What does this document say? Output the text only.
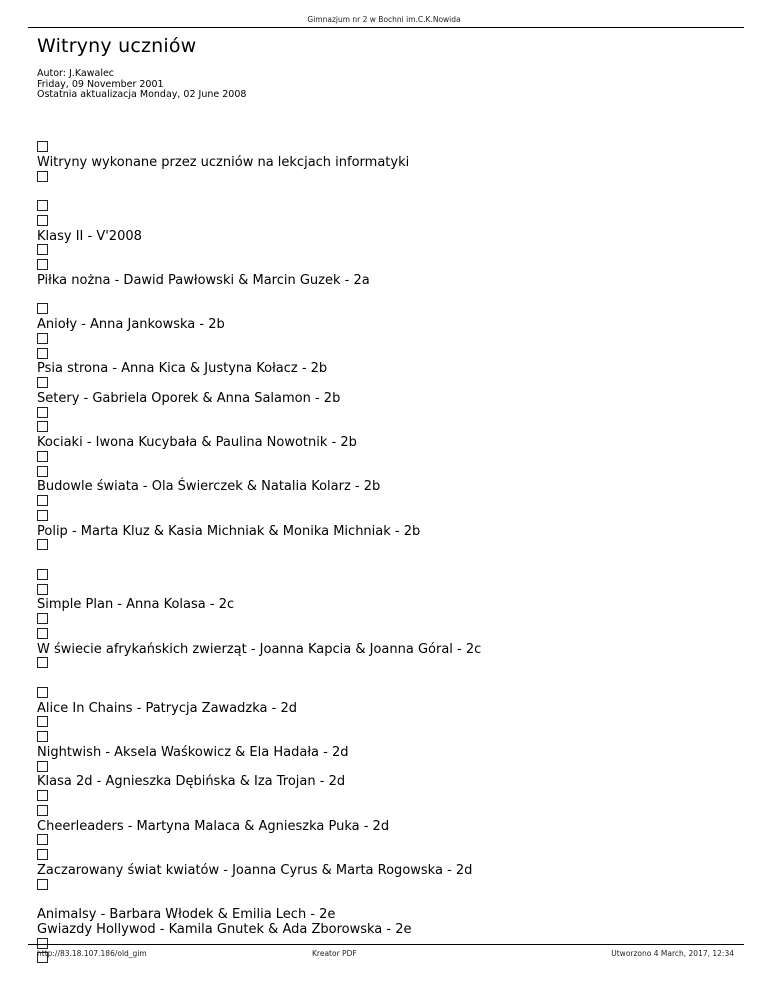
Gimnazjum nr 2 w Bochni im.C.K.Nowida
Witryny uczniów
Autor: J.Kawalec
Friday, 09 November 2001
Ostatnia aktualizacja Monday, 02 June 2008
Witryny wykonane przez uczniów na lekcjach informatyki
Klasy II - V'2008
Piłka nożna - Dawid Pawłowski & Marcin Guzek - 2a
Anioły - Anna Jankowska - 2b
Psia strona - Anna Kica & Justyna Kołacz - 2b
Setery - Gabriela Oporek & Anna Salamon - 2b
Kociaki - Iwona Kucybała & Paulina Nowotnik - 2b
Budowle świata - Ola Świerczek & Natalia Kolarz - 2b
Polip - Marta Kluz & Kasia Michniak & Monika Michniak - 2b
Simple Plan - Anna Kolasa - 2c
W świecie afrykańskich zwierząt - Joanna Kapcia & Joanna Góral - 2c
Alice In Chains - Patrycja Zawadzka - 2d
Nightwish - Aksela Waśkowicz & Ela Hadała - 2d
Klasa 2d - Agnieszka Dębińska & Iza Trojan - 2d
Cheerleaders - Martyna Malaca & Agnieszka Puka - 2d
Zaczarowany świat kwiatów - Joanna Cyrus & Marta Rogowska - 2d
Animalsy - Barbara Włodek & Emilia Lech - 2e
Gwiazdy Hollywod - Kamila Gnutek & Ada Zborowska - 2e
http://83.18.107.186/old_gim	Kreator PDF	Utworzono 4 March, 2017, 12:34
